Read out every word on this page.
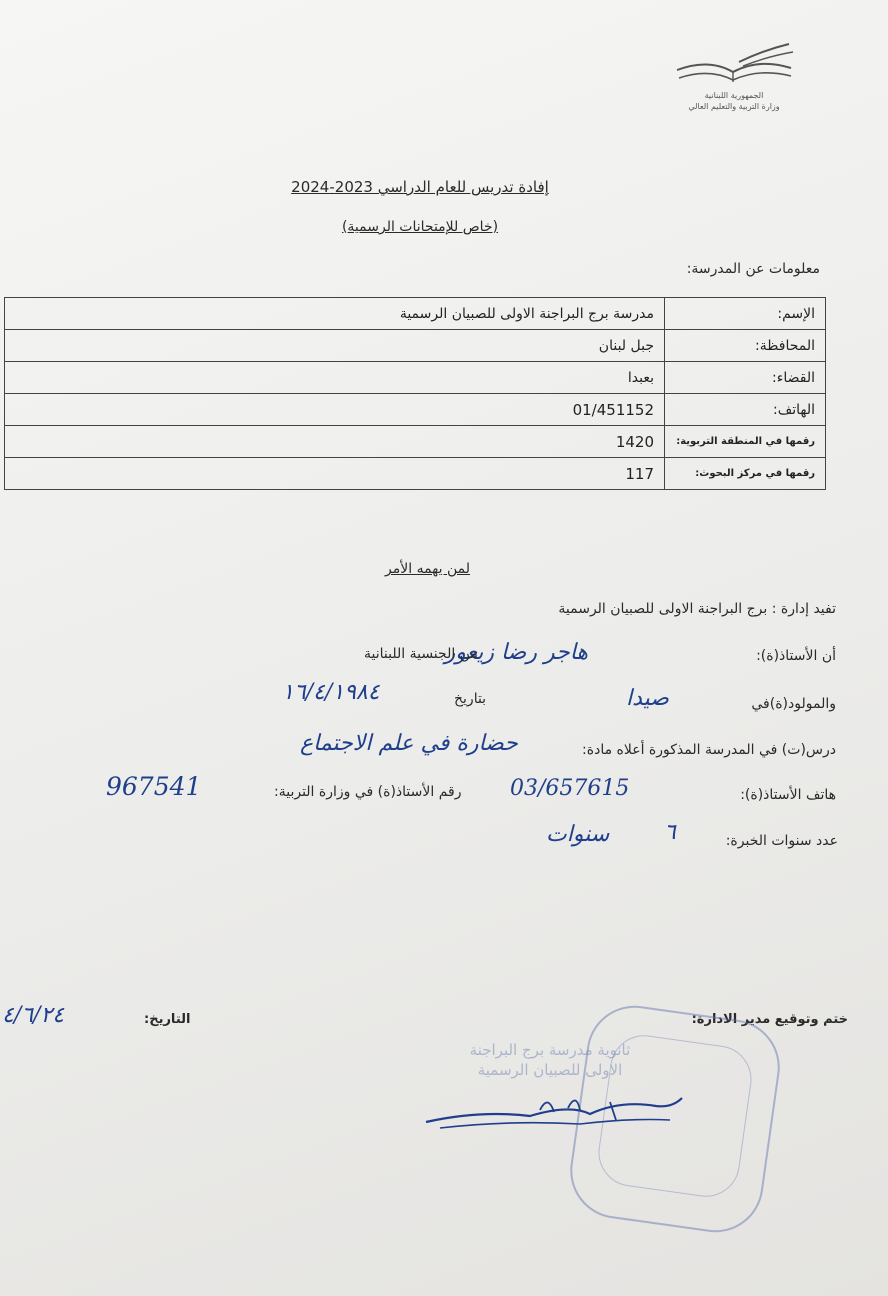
الجمهورية اللبنانية
وزارة التربية والتعليم العالي
إفادة تدريس للعام الدراسي 2023-2024
(خاص للإمتحانات الرسمية)
معلومات عن المدرسة:
الإسم:	مدرسة برج البراجنة الاولى للصبيان الرسمية
المحافظة:	جبل لبنان
القضاء:	بعبدا
الهاتف:	01/451152
رقمها في المنطقة التربوية:	1420
رقمها في مركز البحوث:	117
لمن يهمه الأمر
تفيد إدارة : برج البراجنة الاولى للصبيان الرسمية
أن الأستاذ(ة):
هاجر رضا زيعور
من الجنسية اللبنانية
والمولود(ة)في
صيدا
بتاريخ
١٦/٤/١٩٨٤
درس(ت) في المدرسة المذكورة أعلاه مادة:
حضارة في علم الاجتماع
هاتف الأستاذ(ة):
03/657615
رقم الأستاذ(ة) في وزارة التربية:
967541
عدد سنوات الخبرة:
٦
سنوات
ختم وتوقيع مدير الادارة:
التاريخ:
٤/٦/٢٤
ثانوية مدرسة برج البراجنة
الاولى للصبيان الرسمية
